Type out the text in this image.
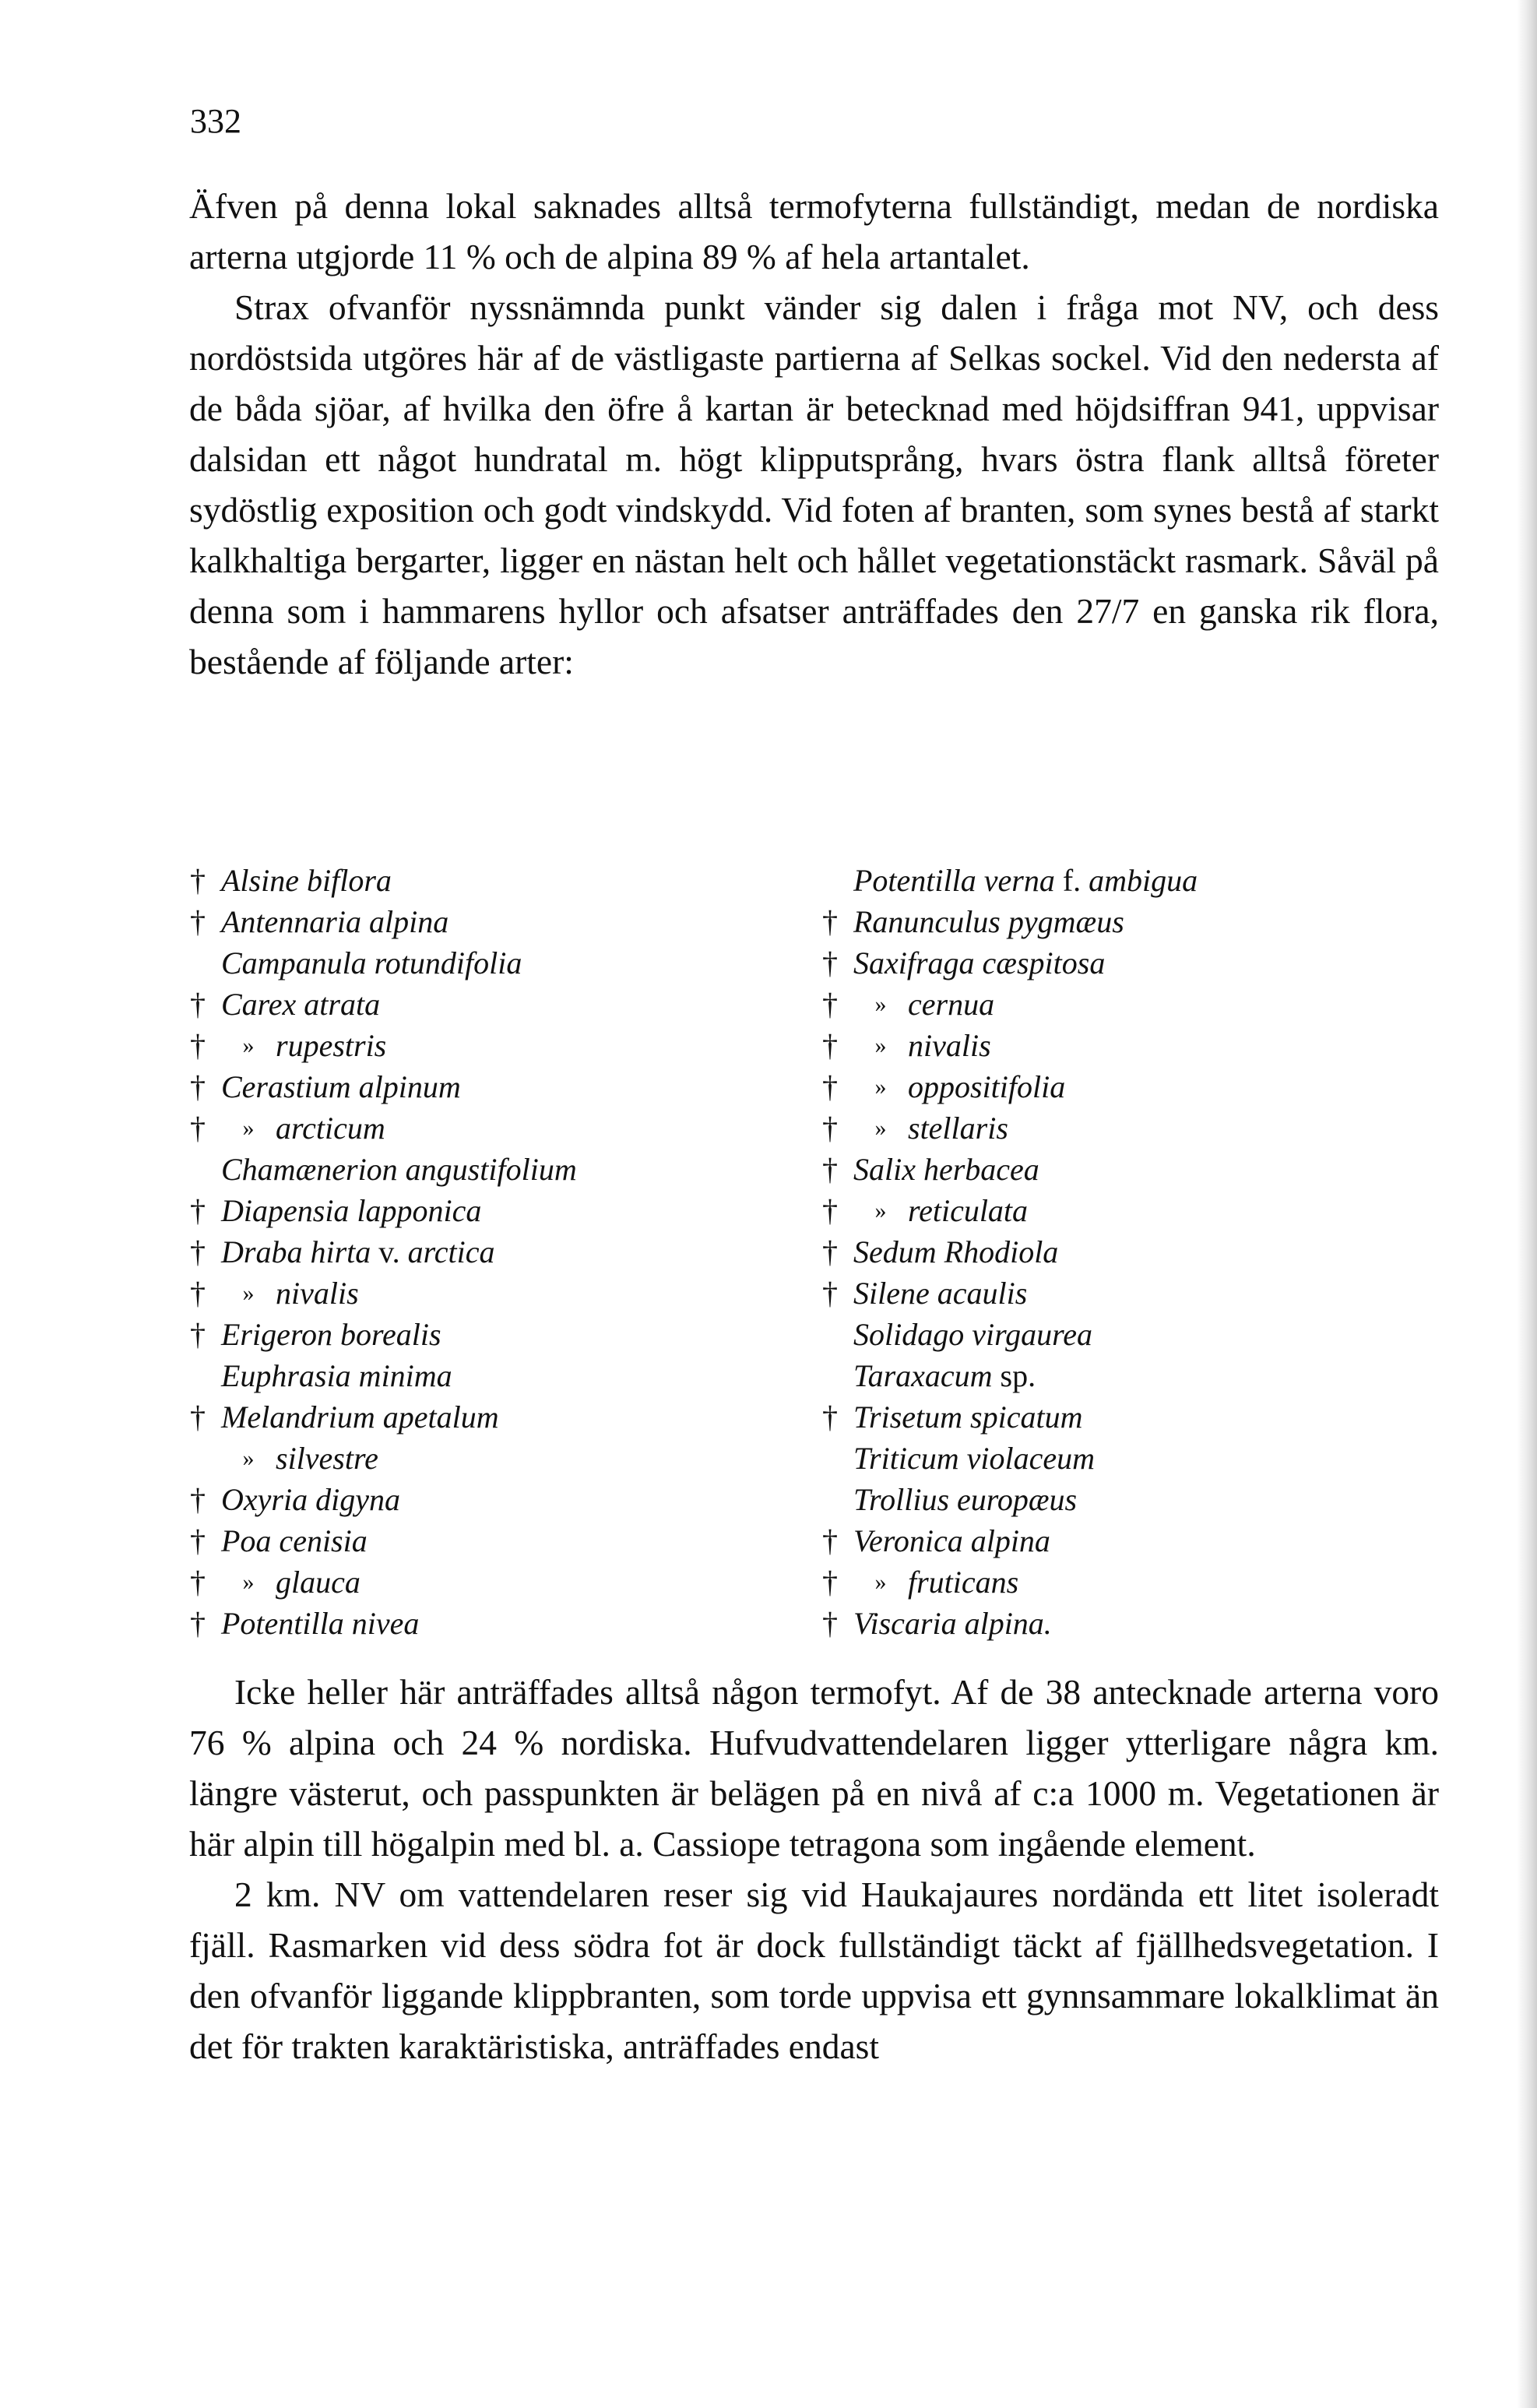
332

Äfven på denna lokal saknades alltså termofyterna fullständigt, medan de nordiska arterna utgjorde 11 % och de alpina 89 % af hela artantalet.

Strax ofvanför nyssnämnda punkt vänder sig dalen i fråga mot NV, och dess nordöstsida utgöres här af de västligaste partierna af Selkas sockel. Vid den nedersta af de båda sjöar, af hvilka den öfre å kartan är betecknad med höjdsiffran 941, uppvisar dalsidan ett något hundratal m. högt klipputsprång, hvars östra flank alltså företer sydöstlig exposition och godt vindskydd. Vid foten af branten, som synes bestå af starkt kalkhaltiga bergarter, ligger en nästan helt och hållet vegetationstäckt rasmark. Såväl på denna som i hammarens hyllor och afsatser anträffades den 27/7 en ganska rik flora, bestående af följande arter:

† Alsine biflora
† Antennaria alpina
Campanula rotundifolia
† Carex atrata
†	» rupestris
† Cerastium alpinum
†	» arcticum
Chamænerion angustifolium
† Diapensia lapponica
† Draba hirta
v.
arctica
†	» nivalis
† Erigeron borealis
Euphrasia minima
† Melandrium apetalum
» silvestre
† Oxyria digyna
† Poa cenisia
†	» glauca
† Potentilla nivea
Potentilla verna
f.
ambigua
† Ranunculus pygmæus
† Saxifraga cæspitosa
†	» cernua
†	» nivalis
†	» oppositifolia
†	» stellaris
† Salix herbacea
†	» reticulata
† Sedum Rhodiola
† Silene acaulis
Solidago virgaurea
Taraxacum
sp.
† Trisetum spicatum
Triticum violaceum
Trollius europæus
† Veronica alpina
†	» fruticans
† Viscaria alpina.

Icke heller här anträffades alltså någon termofyt. Af de 38 antecknade arterna voro 76 % alpina och 24 % nordiska. Hufvudvattendelaren ligger ytterligare några km. längre västerut, och passpunkten är belägen på en nivå af c:a 1000 m. Vegetationen är här alpin till högalpin med bl. a. Cassiope tetragona som ingående element.

2 km. NV om vattendelaren reser sig vid Haukajaures nordända ett litet isoleradt fjäll. Rasmarken vid dess södra fot är dock fullständigt täckt af fjällhedsvegetation. I den ofvanför liggande klippbranten, som torde uppvisa ett gynnsammare lokalklimat än det för trakten karaktäristiska, anträffades endast
